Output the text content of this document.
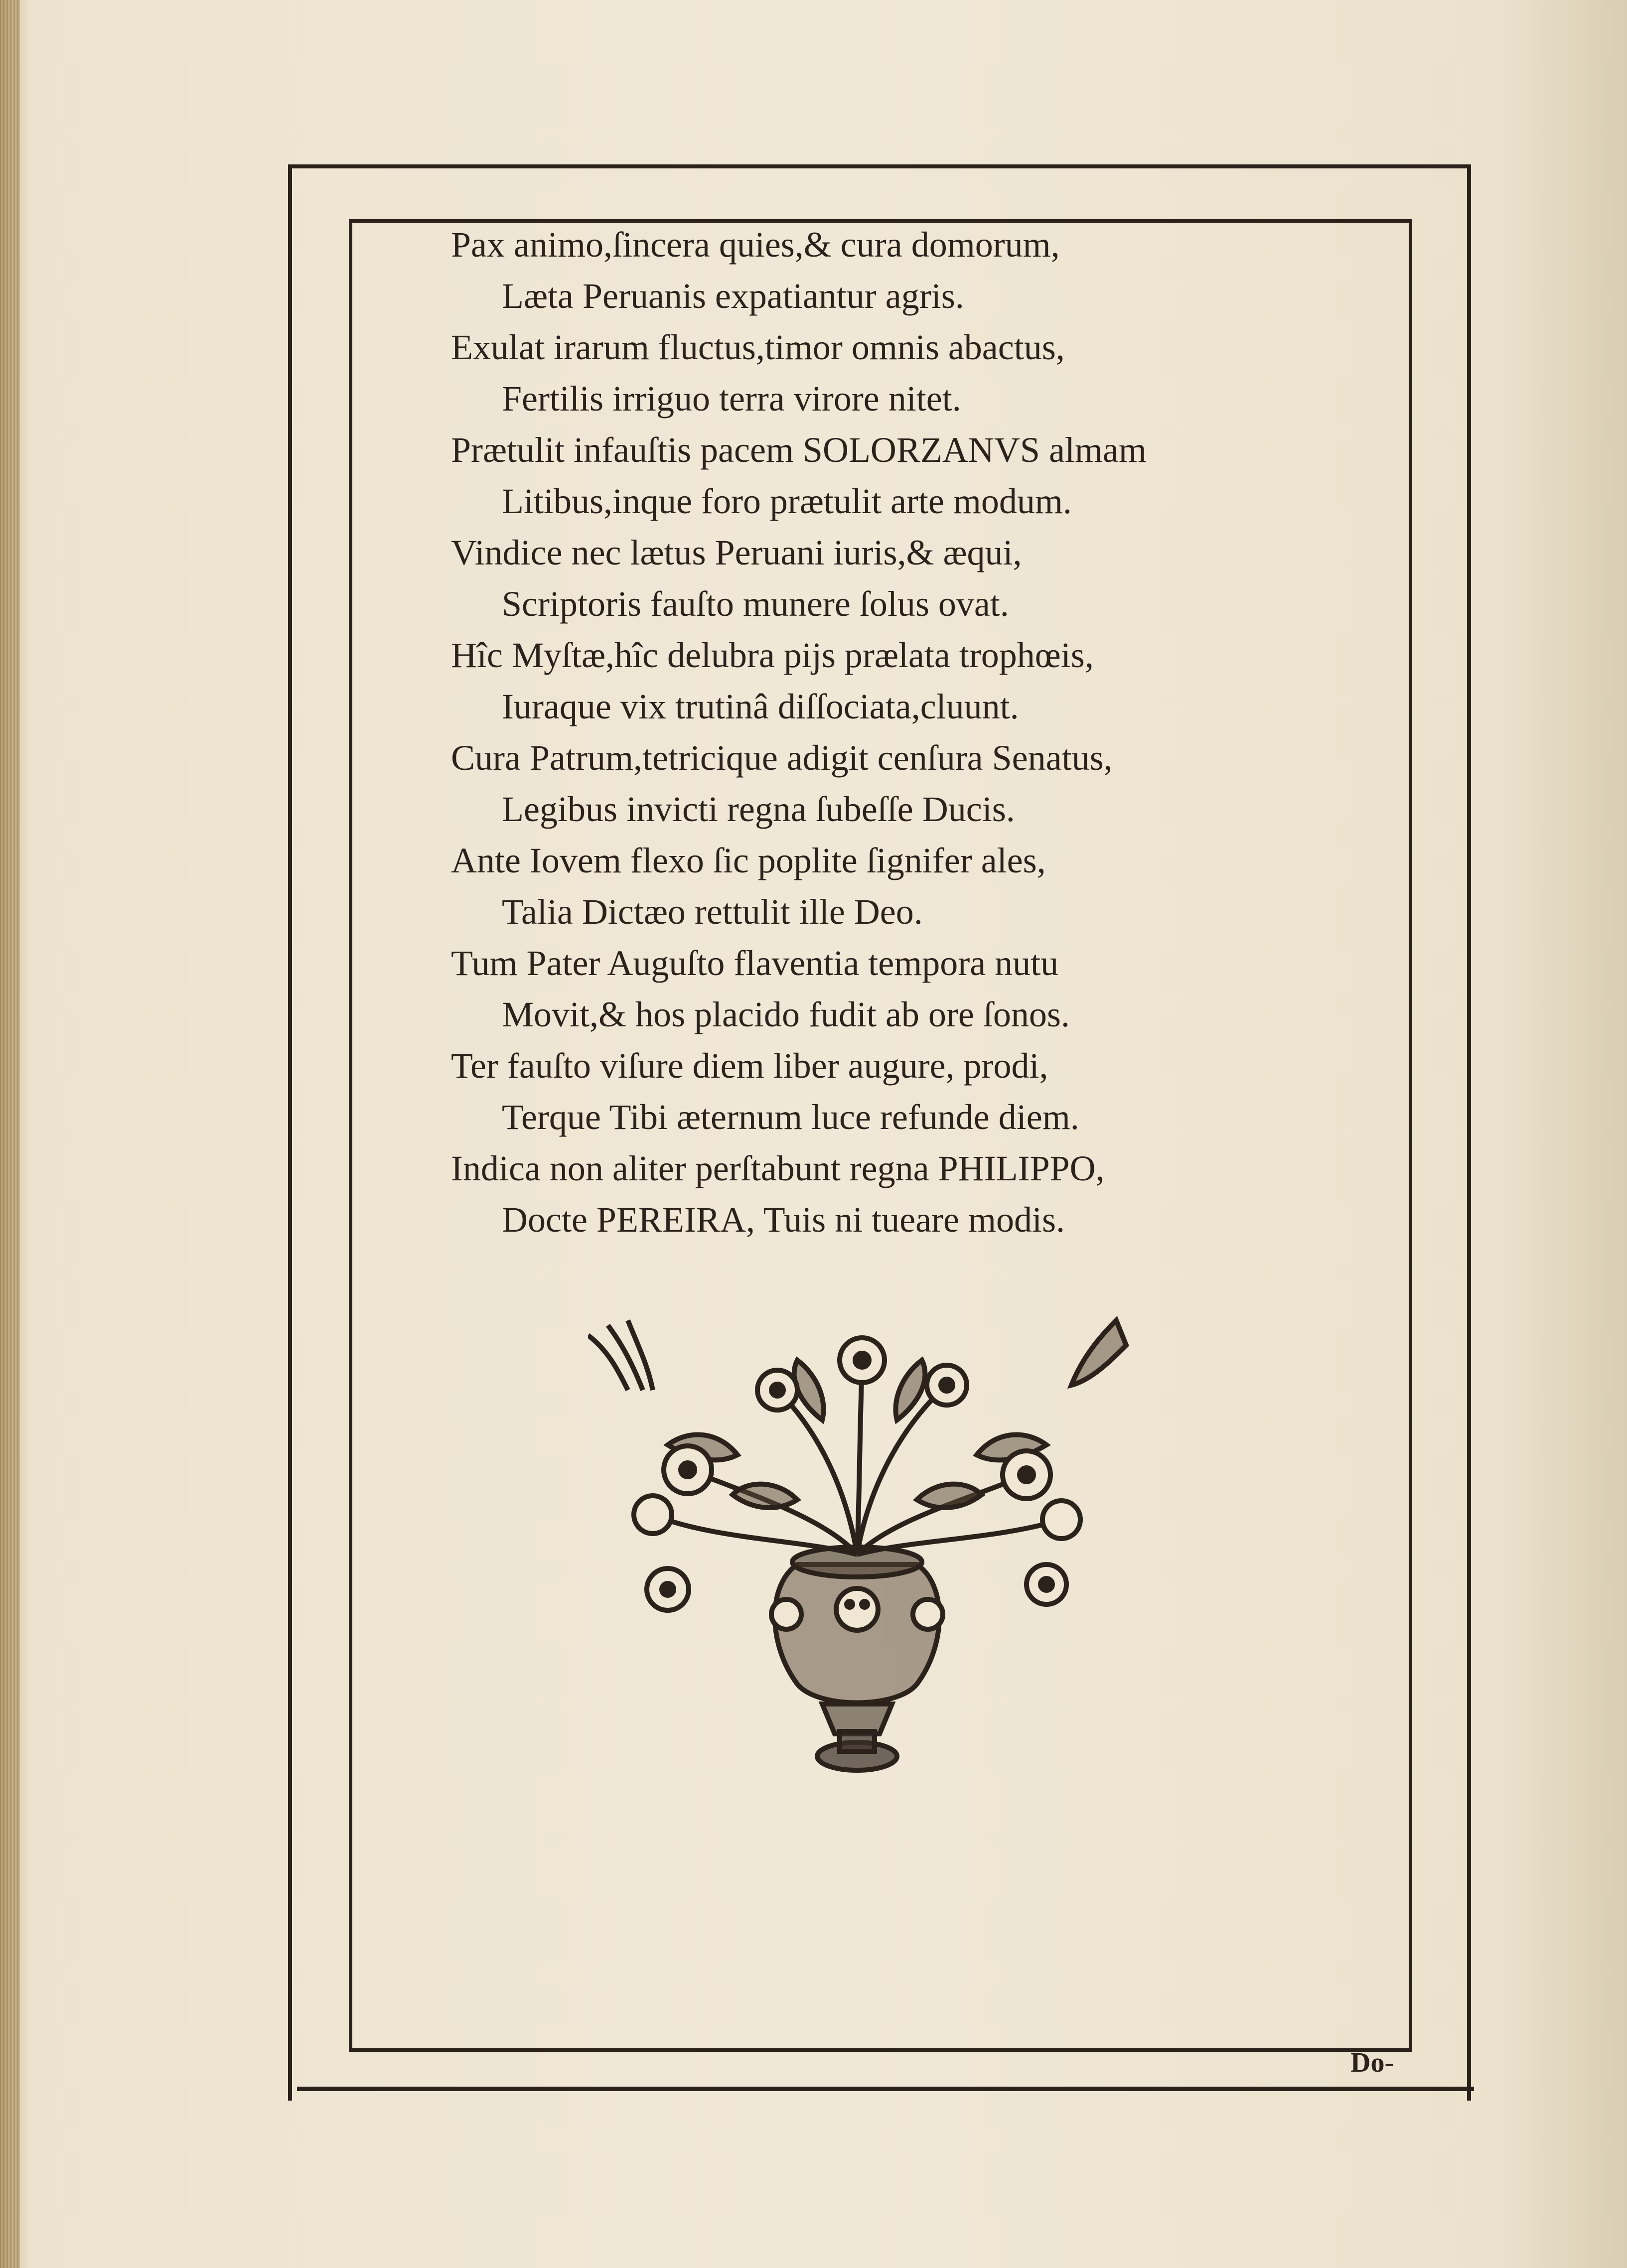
Pax animo,ſincera quies,& cura domorum,
Læta Peruanis expatiantur agris.
Exulat irarum fluctus,timor omnis abactus,
Fertilis irriguo terra virore nitet.
Prætulit infauſtis pacem SOLORZANVS almam
Litibus,inque foro prætulit arte modum.
Vindice nec lætus Peruani iuris,& æqui,
Scriptoris fauſto munere ſolus ovat.
Hîc Myſtæ,hîc delubra pijs prælata trophœis,
Iuraque vix trutinâ diſſociata,cluunt.
Cura Patrum,tetricique adigit cenſura Senatus,
Legibus invicti regna ſubeſſe Ducis.
Ante Iovem flexo ſic poplite ſignifer ales,
Talia Dictæo rettulit ille Deo.
Tum Pater Auguſto flaventia tempora nutu
Movit,& hos placido fudit ab ore ſonos.
Ter fauſto viſure diem liber augure, prodi,
Terque Tibi æternum luce refunde diem.
Indica non aliter perſtabunt regna PHILIPPO,
Docte PEREIRA, Tuis ni tueare modis.
Do-
